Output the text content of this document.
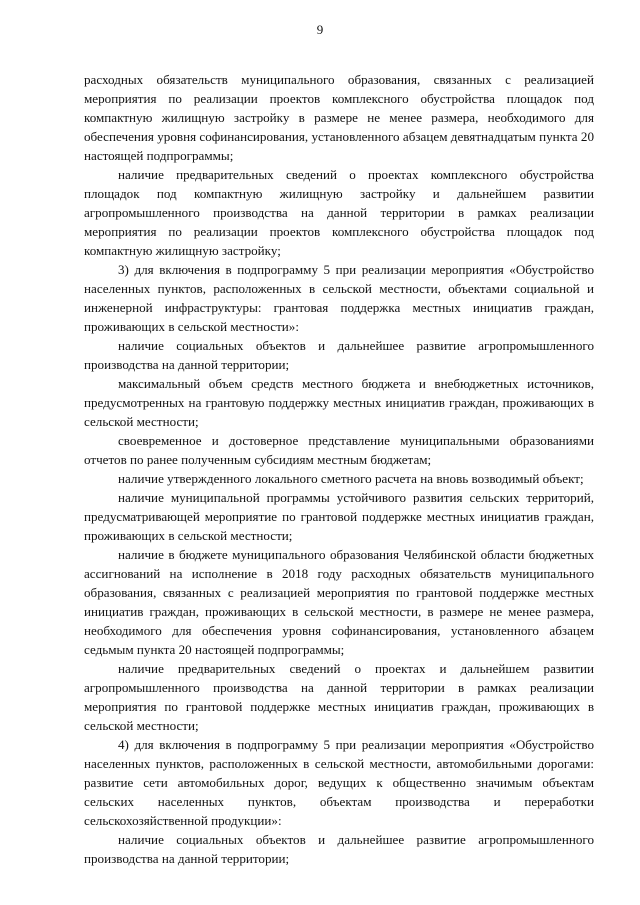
9

расходных обязательств муниципального образования, связанных с реализацией мероприятия по реализации проектов комплексного обустройства площадок под компактную жилищную застройку в размере не менее размера, необходимого для обеспечения уровня софинансирования, установленного абзацем девятнадцатым пункта 20 настоящей подпрограммы;

наличие предварительных сведений о проектах комплексного обустройства площадок под компактную жилищную застройку и дальнейшем развитии агропромышленного производства на данной территории в рамках реализации мероприятия по реализации проектов комплексного обустройства площадок под компактную жилищную застройку;

3) для включения в подпрограмму 5 при реализации мероприятия «Обустройство населенных пунктов, расположенных в сельской местности, объектами социальной и инженерной инфраструктуры: грантовая поддержка местных инициатив граждан, проживающих в сельской местности»:

наличие социальных объектов и дальнейшее развитие агропромышленного производства на данной территории;

максимальный объем средств местного бюджета и внебюджетных источников, предусмотренных на грантовую поддержку местных инициатив граждан, проживающих в сельской местности;

своевременное и достоверное представление муниципальными образованиями отчетов по ранее полученным субсидиям местным бюджетам;

наличие утвержденного локального сметного расчета на вновь возводимый объект;

наличие муниципальной программы устойчивого развития сельских территорий, предусматривающей мероприятие по грантовой поддержке местных инициатив граждан, проживающих в сельской местности;

наличие в бюджете муниципального образования Челябинской области бюджетных ассигнований на исполнение в 2018 году расходных обязательств муниципального образования, связанных с реализацией мероприятия по грантовой поддержке местных инициатив граждан, проживающих в сельской местности, в размере не менее размера, необходимого для обеспечения уровня софинансирования, установленного абзацем седьмым пункта 20 настоящей подпрограммы;

наличие предварительных сведений о проектах и дальнейшем развитии агропромышленного производства на данной территории в рамках реализации мероприятия по грантовой поддержке местных инициатив граждан, проживающих в сельской местности;

4) для включения в подпрограмму 5 при реализации мероприятия «Обустройство населенных пунктов, расположенных в сельской местности, автомобильными дорогами: развитие сети автомобильных дорог, ведущих к общественно значимым объектам сельских населенных пунктов, объектам производства и переработки сельскохозяйственной продукции»:

наличие социальных объектов и дальнейшее развитие агропромышленного производства на данной территории;
